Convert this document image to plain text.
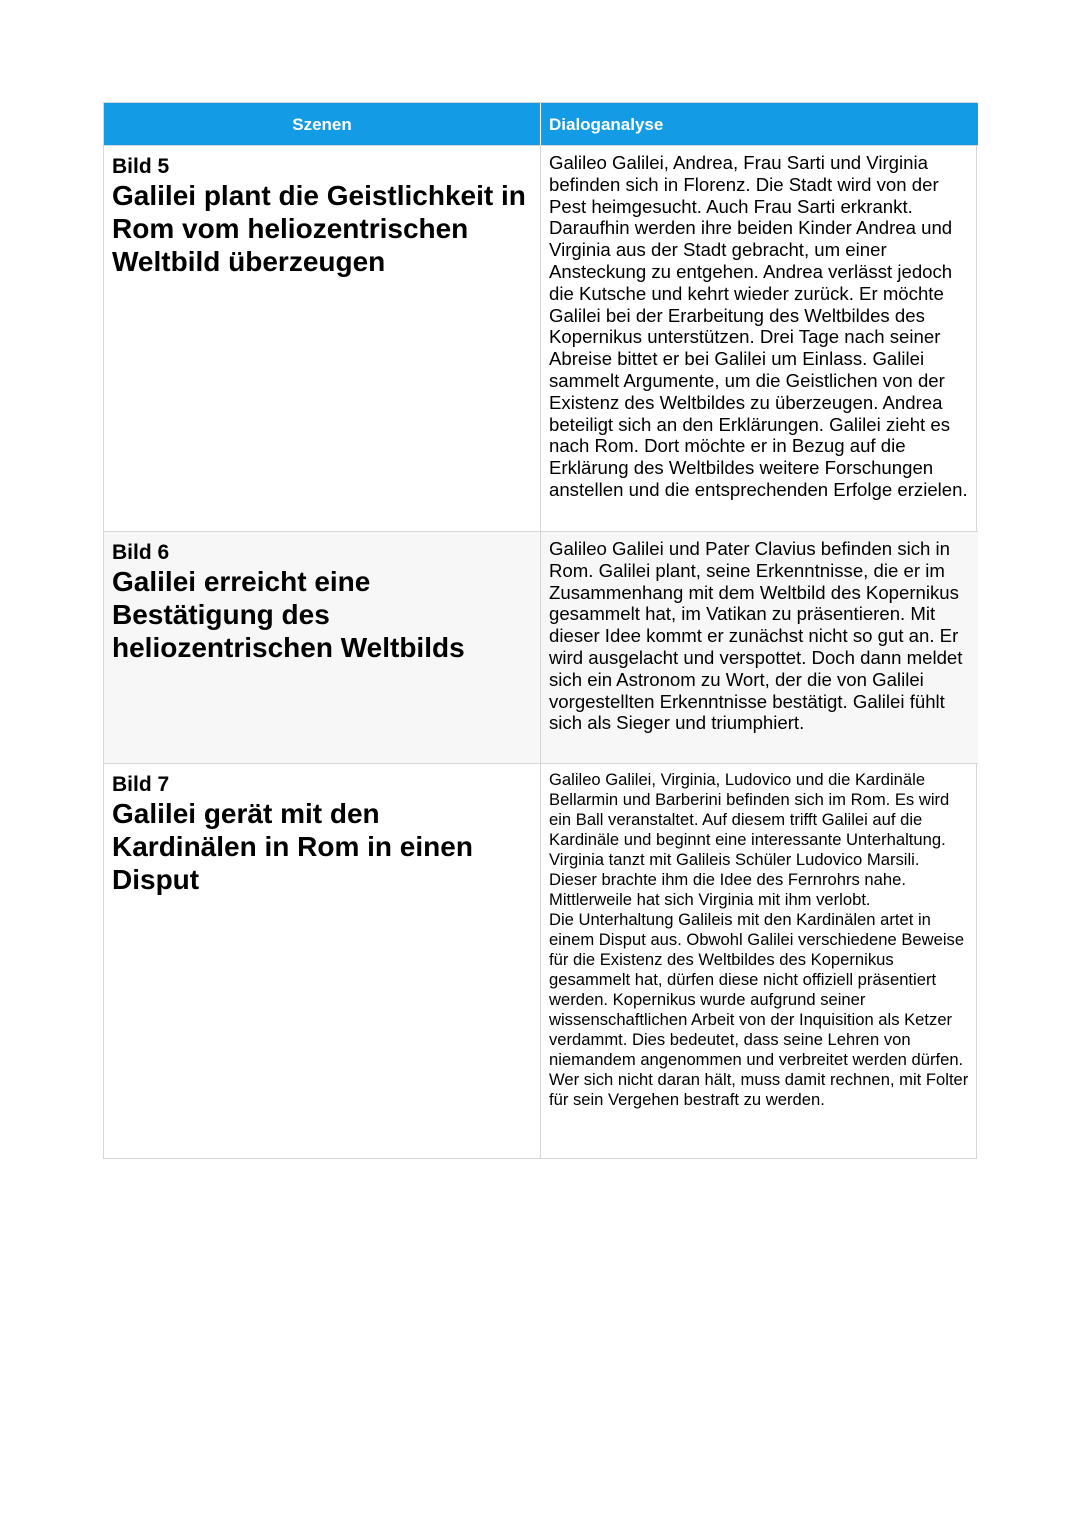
Szenen	Dialoganalyse
Bild 5
Galilei plant die Geistlichkeit in Rom vom heliozentrischen Weltbild überzeugen
Galileo Galilei, Andrea, Frau Sarti und Virginia befinden sich in Florenz. Die Stadt wird von der Pest heimgesucht. Auch Frau Sarti erkrankt. Daraufhin werden ihre beiden Kinder Andrea und Virginia aus der Stadt gebracht, um einer Ansteckung zu entgehen. Andrea verlässt jedoch die Kutsche und kehrt wieder zurück. Er möchte Galilei bei der Erarbeitung des Weltbildes des Kopernikus unterstützen. Drei Tage nach seiner Abreise bittet er bei Galilei um Einlass. Galilei sammelt Argumente, um die Geistlichen von der Existenz des Weltbildes zu überzeugen. Andrea beteiligt sich an den Erklärungen. Galilei zieht es nach Rom. Dort möchte er in Bezug auf die Erklärung des Weltbildes weitere Forschungen anstellen und die entsprechenden Erfolge erzielen.
Bild 6
Galilei erreicht eine Bestätigung des heliozentrischen Weltbilds
Galileo Galilei und Pater Clavius befinden sich in Rom. Galilei plant, seine Erkenntnisse, die er im Zusammenhang mit dem Weltbild des Kopernikus gesammelt hat, im Vatikan zu präsentieren. Mit dieser Idee kommt er zunächst nicht so gut an. Er wird ausgelacht und verspottet. Doch dann meldet sich ein Astronom zu Wort, der die von Galilei vorgestellten Erkenntnisse bestätigt. Galilei fühlt sich als Sieger und triumphiert.
Bild 7
Galilei gerät mit den Kardinälen in Rom in einen Disput
Galileo Galilei, Virginia, Ludovico und die Kardinäle Bellarmin und Barberini befinden sich im Rom. Es wird ein Ball veranstaltet. Auf diesem trifft Galilei auf die Kardinäle und beginnt eine interessante Unterhaltung. Virginia tanzt mit Galileis Schüler Ludovico Marsili. Dieser brachte ihm die Idee des Fernrohrs nahe. Mittlerweile hat sich Virginia mit ihm verlobt.
Die Unterhaltung Galileis mit den Kardinälen artet in einem Disput aus. Obwohl Galilei verschiedene Beweise für die Existenz des Weltbildes des Kopernikus gesammelt hat, dürfen diese nicht offiziell präsentiert werden. Kopernikus wurde aufgrund seiner wissenschaftlichen Arbeit von der Inquisition als Ketzer verdammt. Dies bedeutet, dass seine Lehren von niemandem angenommen und verbreitet werden dürfen. Wer sich nicht daran hält, muss damit rechnen, mit Folter für sein Vergehen bestraft zu werden.
